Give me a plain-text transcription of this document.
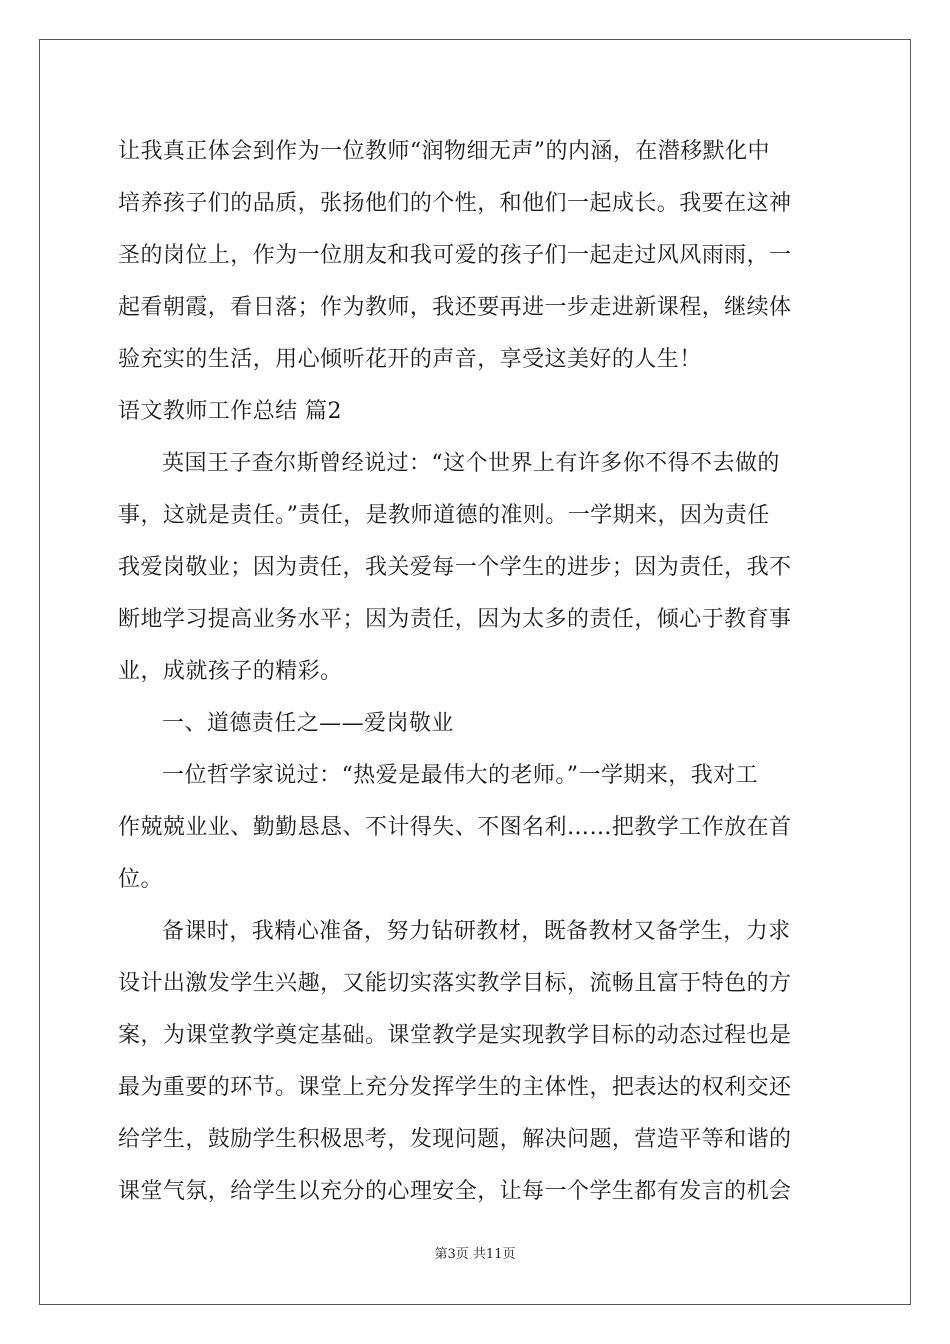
让我真正体会到作为一位教师“润物细无声”的内涵，在潜移默化中
培养孩子们的品质，张扬他们的个性，和他们一起成长。我要在这神
圣的岗位上，作为一位朋友和我可爱的孩子们一起走过风风雨雨，一
起看朝霞，看日落；作为教师，我还要再进一步走进新课程，继续体
验充实的生活，用心倾听花开的声音，享受这美好的人生！
语文教师工作总结 篇2
英国王子查尔斯曾经说过：“这个世界上有许多你不得不去做的
事，这就是责任。”责任，是教师道德的准则。一学期来，因为责任
我爱岗敬业；因为责任，我关爱每一个学生的进步；因为责任，我不
断地学习提高业务水平；因为责任，因为太多的责任，倾心于教育事
业，成就孩子的精彩。
一、道德责任之——爱岗敬业
一位哲学家说过：“热爱是最伟大的老师。”一学期来，我对工
作兢兢业业、勤勤恳恳、不计得失、不图名利……把教学工作放在首
位。
备课时，我精心准备，努力钻研教材，既备教材又备学生，力求
设计出激发学生兴趣，又能切实落实教学目标，流畅且富于特色的方
案，为课堂教学奠定基础。课堂教学是实现教学目标的动态过程也是
最为重要的环节。课堂上充分发挥学生的主体性，把表达的权利交还
给学生，鼓励学生积极思考，发现问题，解决问题，营造平等和谐的
课堂气氛，给学生以充分的心理安全，让每一个学生都有发言的机会
第3页 共11页
